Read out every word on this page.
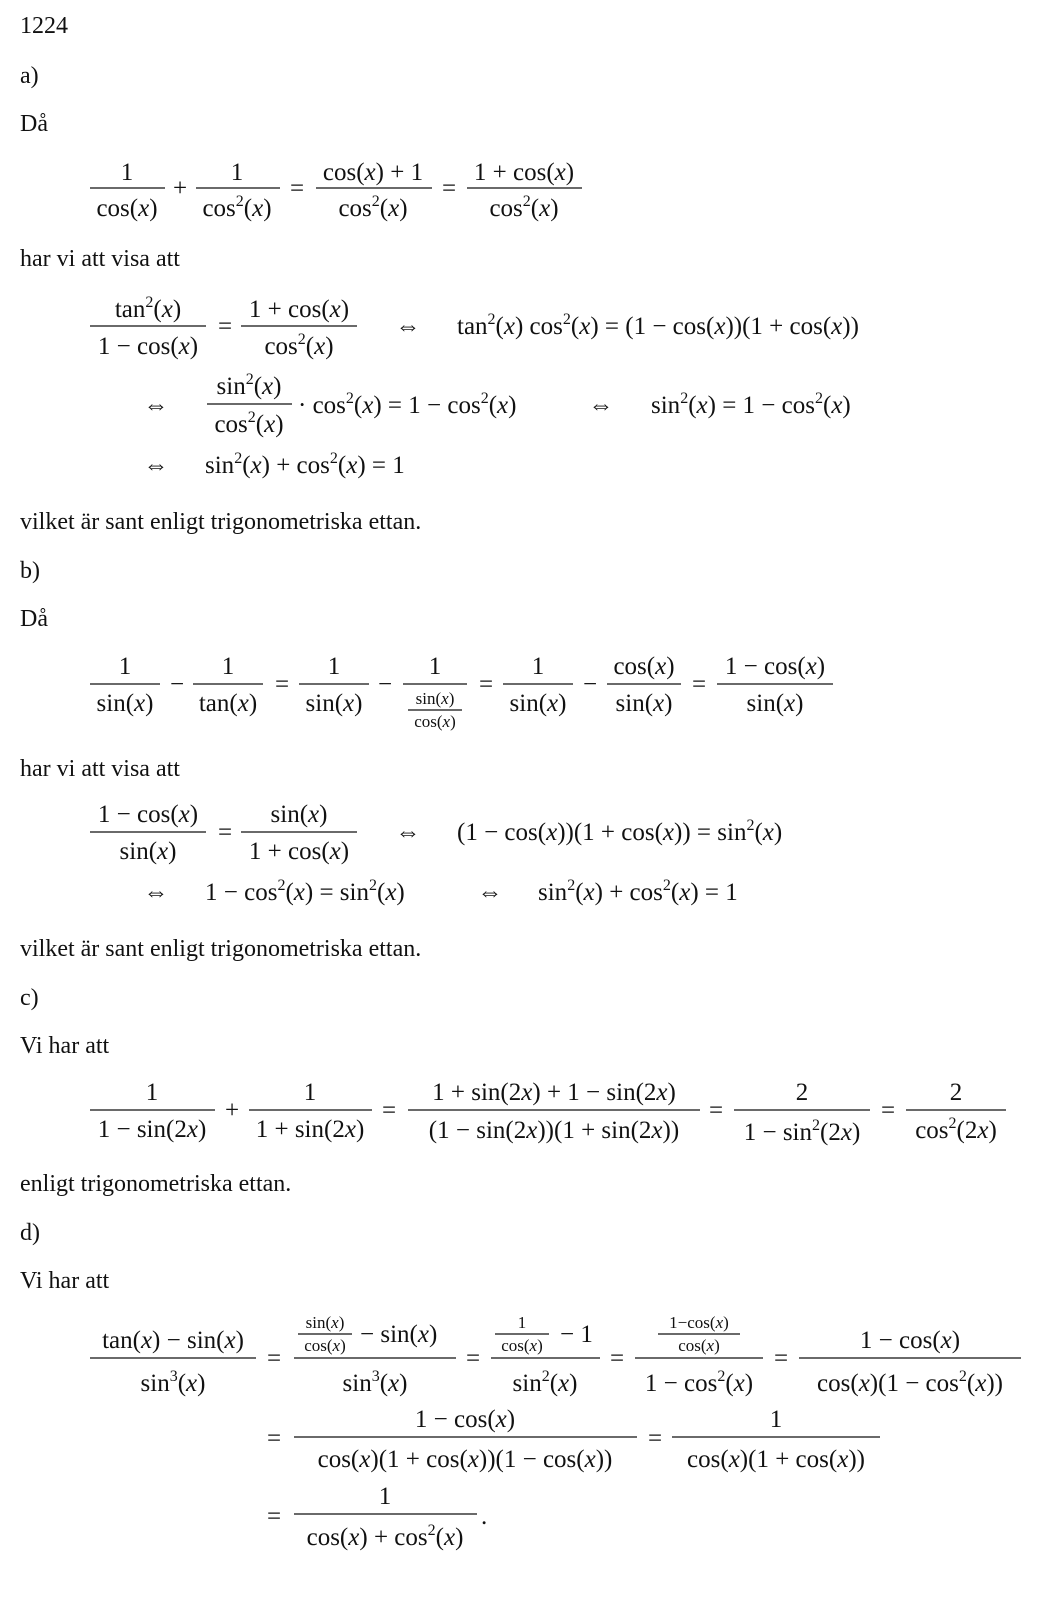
1224
a)
Då
1
cos(x)
+
1
$\cos^2(x)$
=
cos(x) + 1
$\cos^2(x)$
=
1 + cos(x)
$\cos^2(x)$
har vi att visa att
$\tan^2(x)$
1 − cos(x)
=
1 + cos(x)
$\cos^2(x)$
⇔ $\tan^2(x) \cos^2(x) = (1 - \cos(x))(1 + \cos(x))$
⇔
$\sin^2(x)$
$\cos^2(x)$
· $\cos^2(x) = 1 - \cos^2(x)$	⇔ $\sin^2(x) = 1 - \cos^2(x)$
⇔ $\sin^2(x) + \cos^2(x) = 1$
vilket är sant enligt trigonometriska ettan.
b)
Då
1
sin(x)
−
1
tan(x)
=
1
sin(x)
−
1
sin(x)
cos(x)
=
1
sin(x)
−
cos(x)
sin(x)
=
1 − cos(x)
sin(x)
har vi att visa att
1 − cos(x)
sin(x)
=
sin(x)
1 + cos(x)
⇔ $(1 - \cos(x))(1 + \cos(x)) = \sin^2(x)$
⇔ $1 - \cos^2(x) = \sin^2(x)$	⇔ $\sin^2(x) + \cos^2(x) = 1$
vilket är sant enligt trigonometriska ettan.
c)
Vi har att
1
1 − sin(2x)
+
1
1 + sin(2x)
=
1 + sin(2x) + 1 − sin(2x)
(1 − sin(2x))(1 + sin(2x))
=
2
$1 - \sin^2(2x)$
=
2
$\cos^2(2x)$
enligt trigonometriska ettan.
d)
Vi har att
tan(x) − sin(x)
$\sin^3(x)$
=
sin(x)
cos(x) − sin(x)
$\sin^3(x)$
=
1
cos(x) − 1
$\sin^2(x)$
=
1−cos(x)
cos(x)
$1 - \cos^2(x)$
=
1 − cos(x)
$\cos(x)(1 - \cos^2(x))$
=
1 − cos(x)
cos(x)(1 + cos(x))(1 − cos(x))
=
1
cos(x)(1 + cos(x))
=
1
$\cos(x) + \cos^2(x)$
.
